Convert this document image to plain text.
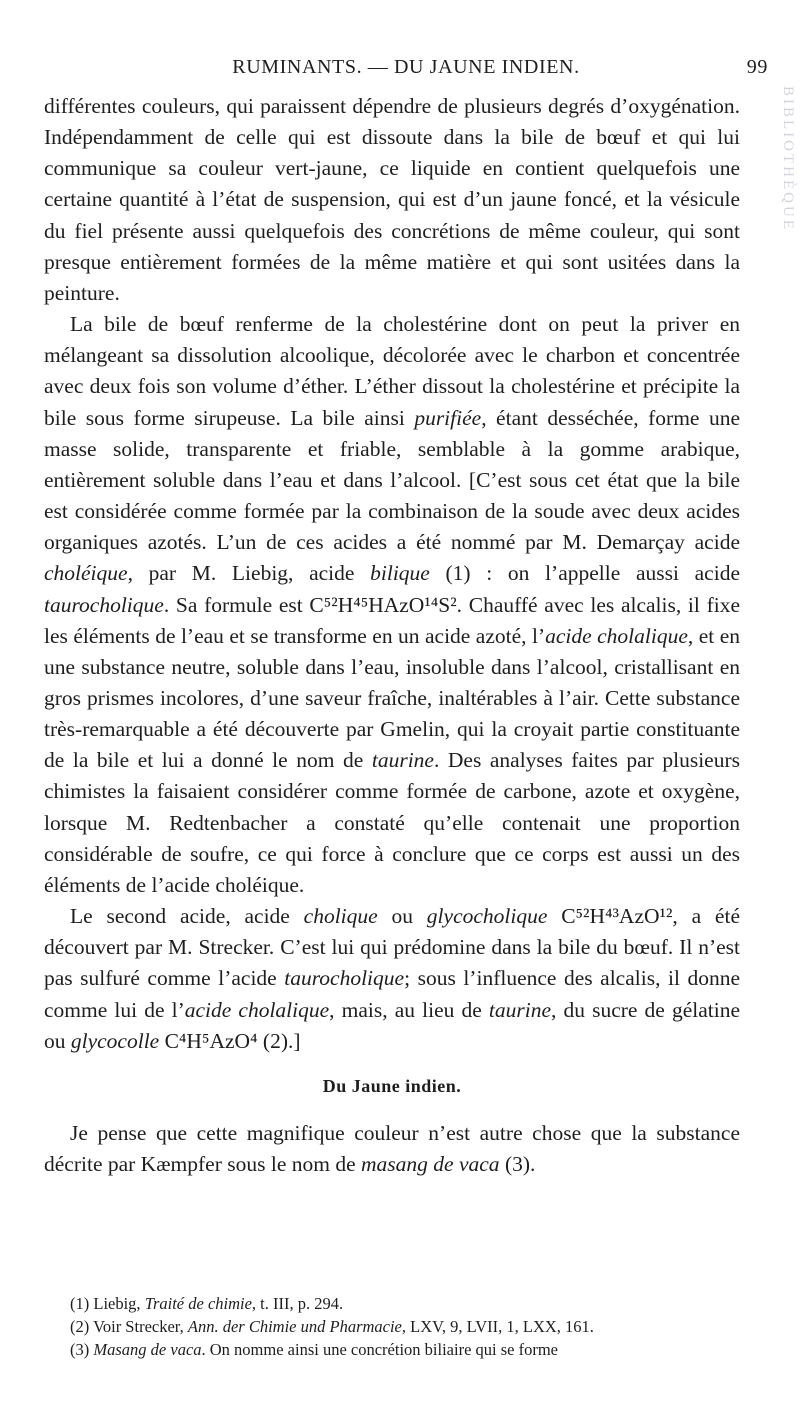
RUMINANTS. — DU JAUNE INDIEN.	99
BIBLIOTHÈQUE

différentes couleurs, qui paraissent dépendre de plusieurs degrés d’oxygénation. Indépendamment de celle qui est dissoute dans la bile de bœuf et qui lui communique sa couleur vert-jaune, ce liquide en contient quelquefois une certaine quantité à l’état de suspension, qui est d’un jaune foncé, et la vésicule du fiel présente aussi quelquefois des concrétions de même couleur, qui sont presque entièrement formées de la même matière et qui sont usitées dans la peinture.

La bile de bœuf renferme de la cholestérine dont on peut la priver en mélangeant sa dissolution alcoolique, décolorée avec le charbon et concentrée avec deux fois son volume d’éther. L’éther dissout la cholestérine et précipite la bile sous forme sirupeuse. La bile ainsi purifiée, étant desséchée, forme une masse solide, transparente et friable, semblable à la gomme arabique, entièrement soluble dans l’eau et dans l’alcool. [C’est sous cet état que la bile est considérée comme formée par la combinaison de la soude avec deux acides organiques azotés. L’un de ces acides a été nommé par M. Demarçay acide choléique, par M. Liebig, acide bilique (1) : on l’appelle aussi acide taurocholique. Sa formule est C⁵²H⁴⁵HAzO¹⁴S². Chauffé avec les alcalis, il fixe les éléments de l’eau et se transforme en un acide azoté, l’acide cholalique, et en une substance neutre, soluble dans l’eau, insoluble dans l’alcool, cristallisant en gros prismes incolores, d’une saveur fraîche, inaltérables à l’air. Cette substance très-remarquable a été découverte par Gmelin, qui la croyait partie constituante de la bile et lui a donné le nom de taurine. Des analyses faites par plusieurs chimistes la faisaient considérer comme formée de carbone, azote et oxygène, lorsque M. Redtenbacher a constaté qu’elle contenait une proportion considérable de soufre, ce qui force à conclure que ce corps est aussi un des éléments de l’acide choléique.

Le second acide, acide cholique ou glycocholique C⁵²H⁴³AzO¹², a été découvert par M. Strecker. C’est lui qui prédomine dans la bile du bœuf. Il n’est pas sulfuré comme l’acide taurocholique; sous l’influence des alcalis, il donne comme lui de l’acide cholalique, mais, au lieu de taurine, du sucre de gélatine ou glycocolle C⁴H⁵AzO⁴ (2).]

Du Jaune indien.

Je pense que cette magnifique couleur n’est autre chose que la substance décrite par Kæmpfer sous le nom de masang de vaca (3).

(1) Liebig, Traité de chimie, t. III, p. 294.

(2) Voir Strecker, Ann. der Chimie und Pharmacie, LXV, 9, LVII, 1, LXX, 161.

(3) Masang de vaca. On nomme ainsi une concrétion biliaire qui se forme
